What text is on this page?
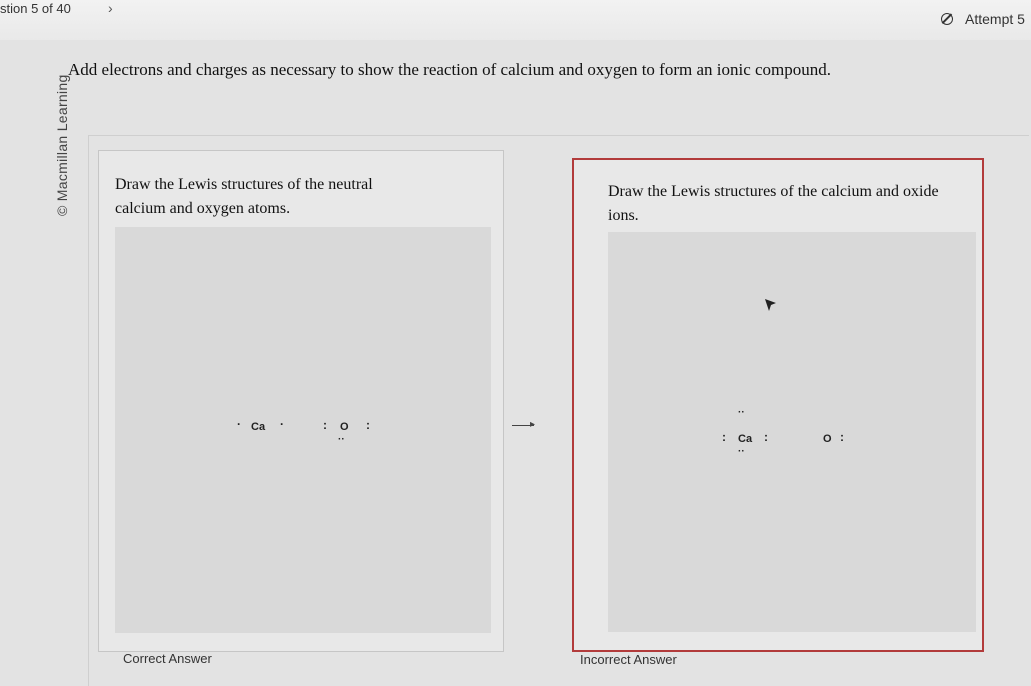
stion 5 of 40	›
Attempt 5
© Macmillan Learning
Add electrons and charges as necessary to show the reaction of calcium and oxygen to form an ionic compound.
Draw the Lewis structures of the neutral
calcium and oxygen atoms.
· Ca ·	: O :
··
Correct Answer
▸
Draw the Lewis structures of the calcium and oxide
ions.
··
: Ca :
··
O :
Incorrect Answer
